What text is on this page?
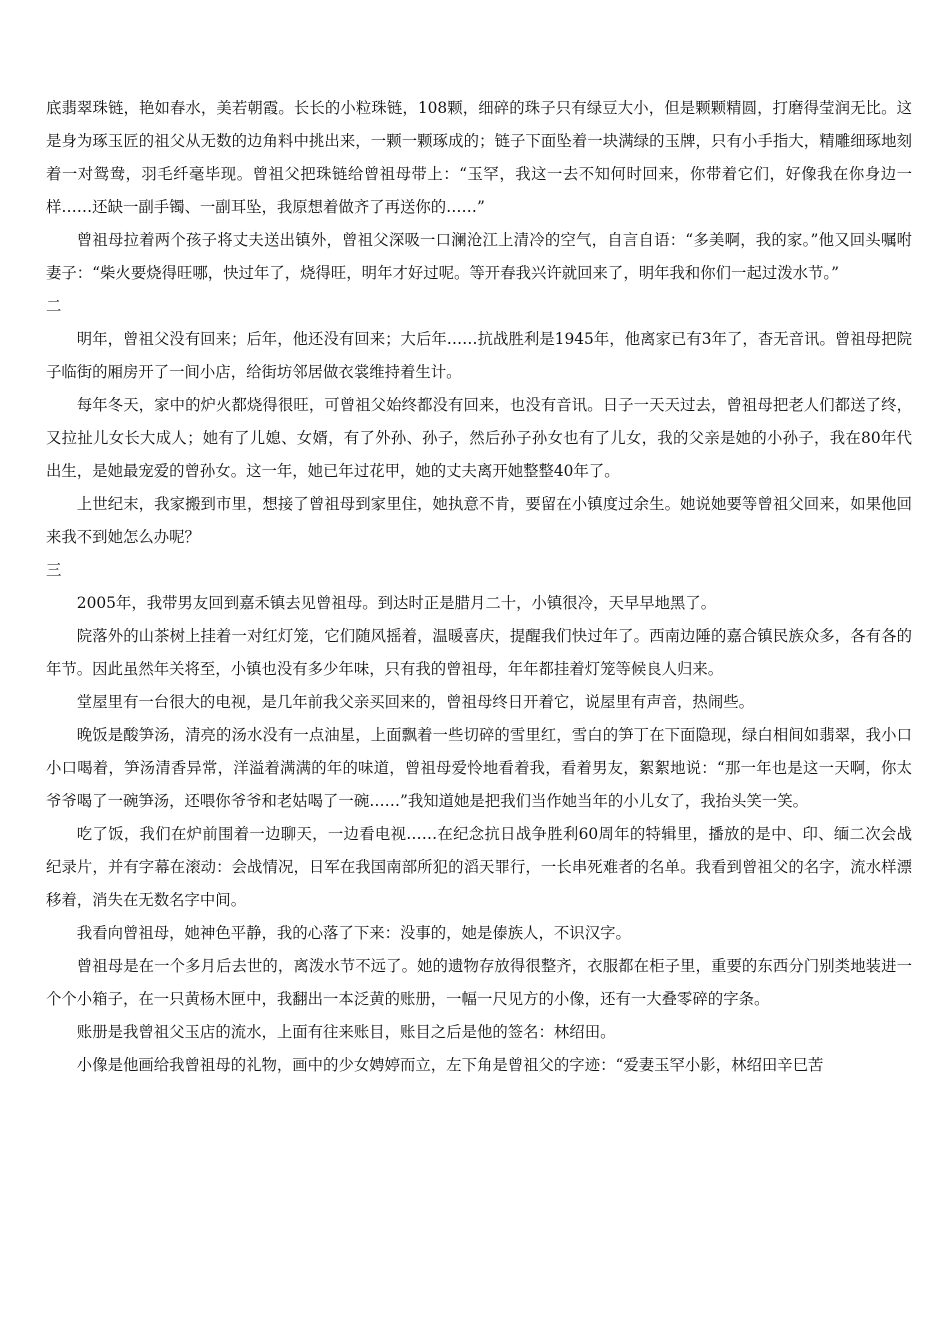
底翡翠珠链，艳如春水，美若朝霞。长长的小粒珠链，108颗，细碎的珠子只有绿豆大小，但是颗颗精圆，打磨得莹润无比。这是身为琢玉匠的祖父从无数的边角料中挑出来，一颗一颗琢成的；链子下面坠着一块满绿的玉牌，只有小手指大，精雕细琢地刻着一对鸳鸯，羽毛纤毫毕现。曾祖父把珠链给曾祖母带上：“玉罕，我这一去不知何时回来，你带着它们，好像我在你身边一样……还缺一副手镯、一副耳坠，我原想着做齐了再送你的……”

曾祖母拉着两个孩子将丈夫送出镇外，曾祖父深吸一口澜沧江上清冷的空气，自言自语：“多美啊，我的家。”他又回头嘱咐妻子：“柴火要烧得旺哪，快过年了，烧得旺，明年才好过呢。等开春我兴许就回来了，明年我和你们一起过泼水节。”

二

明年，曾祖父没有回来；后年，他还没有回来；大后年……抗战胜利是1945年，他离家已有3年了，杳无音讯。曾祖母把院子临街的厢房开了一间小店，给街坊邻居做衣裳维持着生计。

每年冬天，家中的炉火都烧得很旺，可曾祖父始终都没有回来，也没有音讯。日子一天天过去，曾祖母把老人们都送了终，又拉扯儿女长大成人；她有了儿媳、女婿，有了外孙、孙子，然后孙子孙女也有了儿女，我的父亲是她的小孙子，我在80年代出生，是她最宠爱的曾孙女。这一年，她已年过花甲，她的丈夫离开她整整40年了。

上世纪末，我家搬到市里，想接了曾祖母到家里住，她执意不肯，要留在小镇度过余生。她说她要等曾祖父回来，如果他回来我不到她怎么办呢？

三

2005年，我带男友回到嘉禾镇去见曾祖母。到达时正是腊月二十，小镇很冷，天早早地黑了。

院落外的山茶树上挂着一对红灯笼，它们随风摇着，温暖喜庆，提醒我们快过年了。西南边陲的嘉合镇民族众多，各有各的年节。因此虽然年关将至，小镇也没有多少年味，只有我的曾祖母，年年都挂着灯笼等候良人归来。

堂屋里有一台很大的电视，是几年前我父亲买回来的，曾祖母终日开着它，说屋里有声音，热闹些。

晚饭是酸笋汤，清亮的汤水没有一点油星，上面飘着一些切碎的雪里红，雪白的笋丁在下面隐现，绿白相间如翡翠，我小口小口喝着，笋汤清香异常，洋溢着满满的年的味道，曾祖母爱怜地看着我，看着男友，絮絮地说：“那一年也是这一天啊，你太爷爷喝了一碗笋汤，还喂你爷爷和老姑喝了一碗……”我知道她是把我们当作她当年的小儿女了，我抬头笑一笑。

吃了饭，我们在炉前围着一边聊天，一边看电视……在纪念抗日战争胜利60周年的特辑里，播放的是中、印、缅二次会战纪录片，并有字幕在滚动：会战情况，日军在我国南部所犯的滔天罪行，一长串死难者的名单。我看到曾祖父的名字，流水样漂移着，消失在无数名字中间。

我看向曾祖母，她神色平静，我的心落了下来：没事的，她是傣族人，不识汉字。

曾祖母是在一个多月后去世的，离泼水节不远了。她的遗物存放得很整齐，衣服都在柜子里，重要的东西分门别类地装进一个个小箱子，在一只黄杨木匣中，我翻出一本泛黄的账册，一幅一尺见方的小像，还有一大叠零碎的字条。

账册是我曾祖父玉店的流水，上面有往来账目，账目之后是他的签名：林绍田。

小像是他画给我曾祖母的礼物，画中的少女娉婷而立，左下角是曾祖父的字迹：“爱妻玉罕小影，林绍田辛巳苦
